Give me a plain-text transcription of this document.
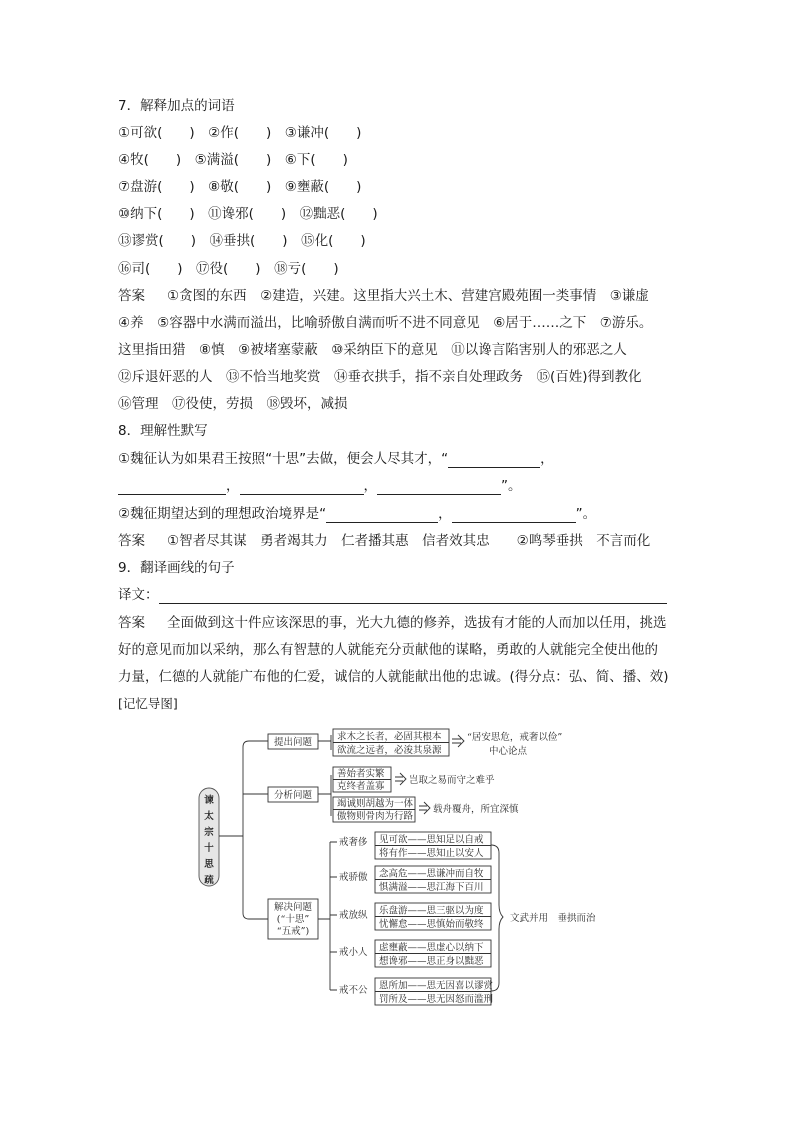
7．解释加点的词语
①可欲(　　)　②作(　　)　③谦冲(　　)
④牧(　　)　⑤满溢(　　)　⑥下(　　)
⑦盘游(　　)　⑧敬(　　)　⑨壅蔽(　　)
⑩纳下(　　)　⑪谗邪(　　)　⑫黜恶(　　)
⑬谬赏(　　)　⑭垂拱(　　)　⑮化(　　)
⑯司(　　)　⑰役(　　)　⑱亏(　　)
答案 ①贪图的东西　②建造，兴建。这里指大兴土木、营建宫殿苑囿一类事情　③谦虚
④养　⑤容器中水满而溢出，比喻骄傲自满而听不进不同意见　⑥居于……之下　⑦游乐。
这里指田猎　⑧慎　⑨被堵塞蒙蔽　⑩采纳臣下的意见　⑪以谗言陷害别人的邪恶之人
⑫斥退奸恶的人　⑬不恰当地奖赏　⑭垂衣拱手，指不亲自处理政务　⑮(百姓)得到教化
⑯管理　⑰役使，劳损　⑱毁坏，减损
8．理解性默写
①魏征认为如果君王按照“十思”去做，便会人尽其才，“	，
，	，	”。
②魏征期望达到的理想政治境界是“	，	”。
答案 ①智者尽其谋　勇者竭其力　仁者播其惠　信者效其忠　　②鸣琴垂拱　不言而化
9．翻译画线的句子
译文：
答案 全面做到这十件应该深思的事，光大九德的修养，选拔有才能的人而加以任用，挑选
好的意见而加以采纳，那么有智慧的人就能充分贡献他的谋略，勇敢的人就能完全使出他的
力量，仁德的人就能广布他的仁爱，诚信的人就能献出他的忠诚。(得分点：弘、简、播、效)
[记忆导图]
谏
太
宗
十
思
疏
提出问题
分析问题
解决问题
(“十思”
“五戒”)
求木之长者，必固其根本
欲流之远者，必浚其泉源
“居安思危，戒奢以俭”
中心论点
善始者实繁
克终者盖寡
岂取之易而守之难乎
竭诚则胡越为一体
傲物则骨肉为行路
载舟覆舟，所宜深慎
戒奢侈 见可欲——思知足以自戒
将有作——思知止以安人
戒骄傲 念高危——思谦冲而自牧
惧满溢——思江海下百川
戒放纵 乐盘游——思三驱以为度
忧懈怠——思慎始而敬终
戒小人 虑壅蔽——思虚心以纳下
想谗邪——思正身以黜恶
戒不公 恩所加——思无因喜以谬赏
罚所及——思无因怒而滥刑
文武并用　垂拱而治
